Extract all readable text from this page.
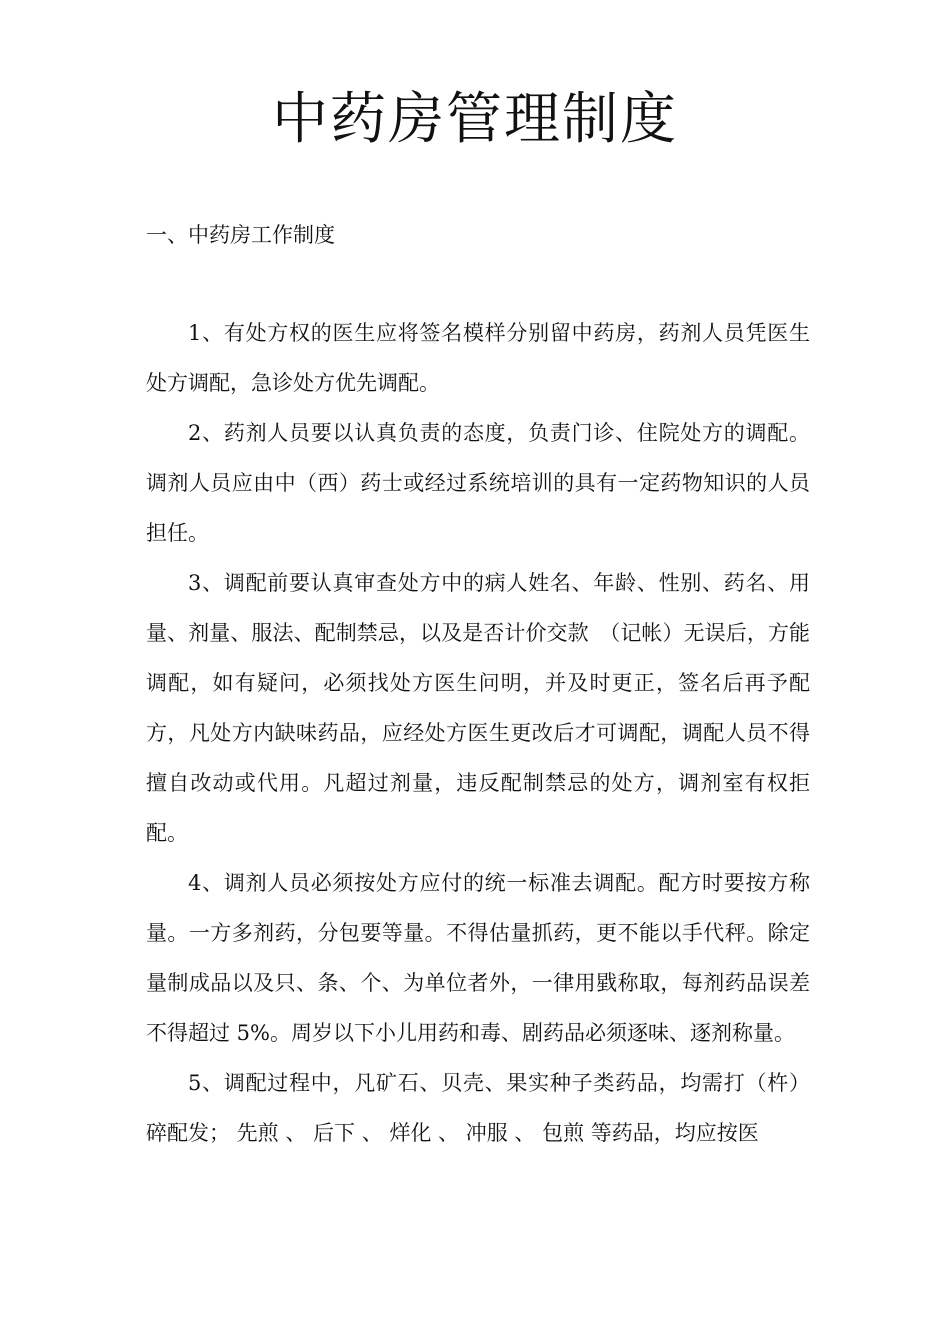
中药房管理制度
一、中药房工作制度

1、有处方权的医生应将签名模样分别留中药房，药剂人员凭医生处方调配，急诊处方优先调配。

2、药剂人员要以认真负责的态度，负责门诊、住院处方的调配。调剂人员应由中（西）药士或经过系统培训的具有一定药物知识的人员担任。

3、调配前要认真审查处方中的病人姓名、年龄、性别、药名、用量、剂量、服法、配制禁忌，以及是否计价交款　（记帐）无误后，方能调配，如有疑问，必须找处方医生问明，并及时更正，签名后再予配方，凡处方内缺味药品，应经处方医生更改后才可调配，调配人员不得擅自改动或代用。凡超过剂量，违反配制禁忌的处方，调剂室有权拒配。

4、调剂人员必须按处方应付的统一标准去调配。配方时要按方称量。一方多剂药，分包要等量。不得估量抓药，更不能以手代秤。除定量制成品以及只、条、个、为单位者外，一律用戥称取，每剂药品误差不得超过 5%。周岁以下小儿用药和毒、剧药品必须逐味、逐剂称量。

5、调配过程中，凡矿石、贝壳、果实种子类药品，均需打（杵）碎配发； 先煎 、 后下 、 烊化 、 冲服 、 包煎 等药品，均应按医
